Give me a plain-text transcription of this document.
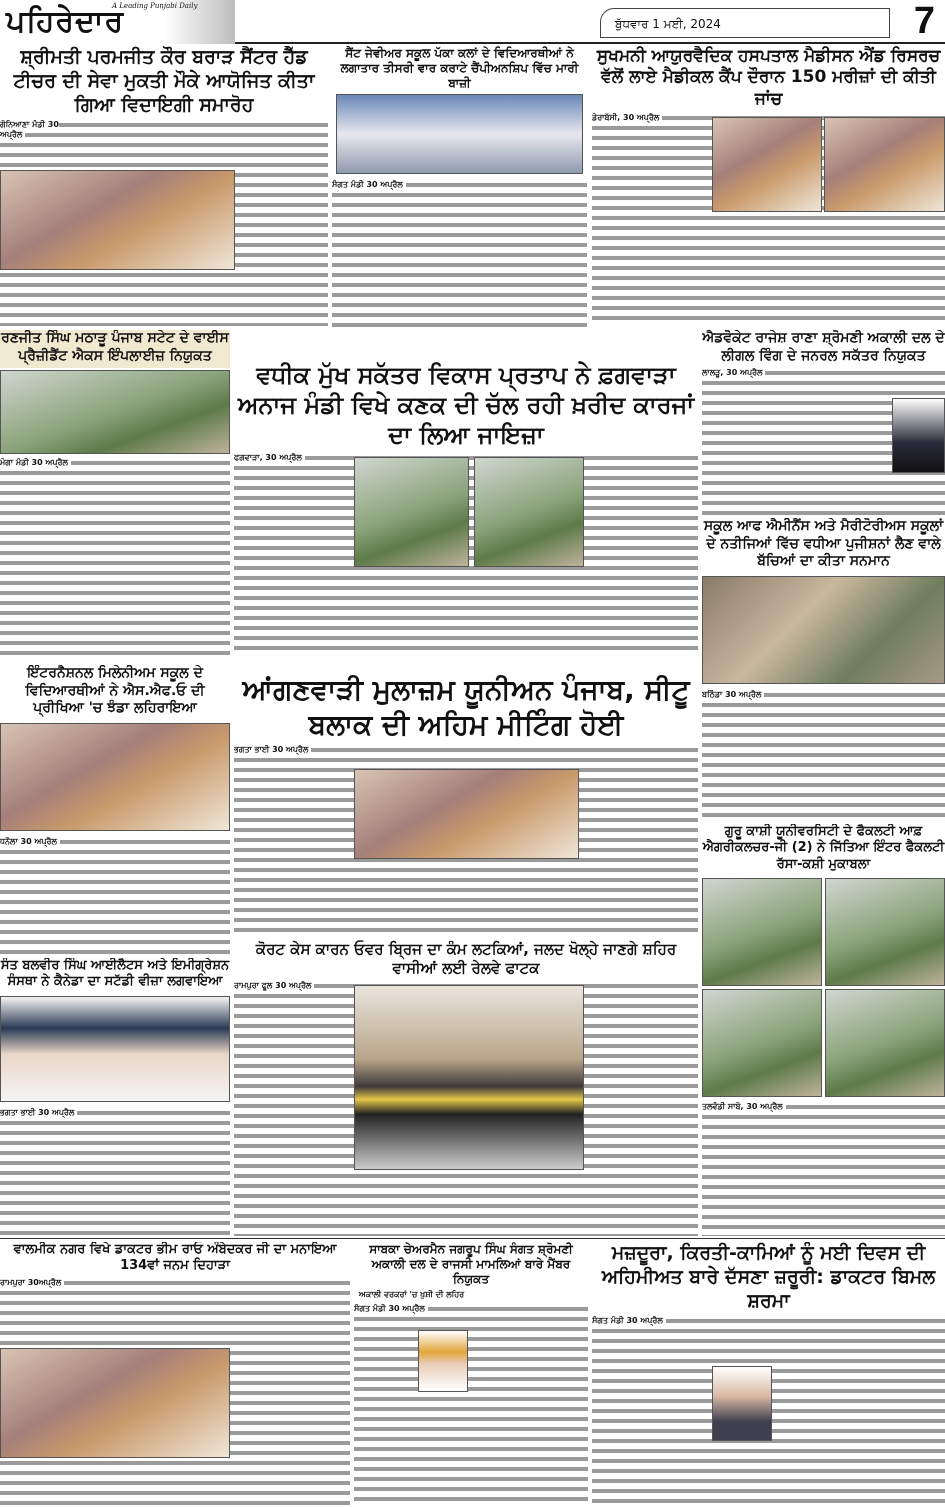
ਪਹਿਰੇਦਾਰ
A Leading Punjabi Daily
ਬੁੱਧਵਾਰ 1 ਮਈ, 2024	7
ਸ਼੍ਰੀਮਤੀ ਪਰਮਜੀਤ ਕੌਰ ਬਰਾੜ ਸੈਂਟਰ ਹੈੱਡ ਟੀਚਰ ਦੀ ਸੇਵਾ ਮੁਕਤੀ ਮੌਕੇ ਆਯੋਜਿਤ ਕੀਤਾ ਗਿਆ ਵਿਦਾਇਗੀ ਸਮਾਰੋਹ
ਗੋਨਿਆਣਾ ਮੰਡੀ 30 ਅਪ੍ਰੈਲ
ਸੈਂਟ ਜੇਵੀਅਰ ਸਕੂਲ ਪੱਕਾ ਕਲਾਂ ਦੇ ਵਿਦਿਆਰਥੀਆਂ ਨੇ ਲਗਾਤਾਰ ਤੀਸਰੀ ਵਾਰ ਕਰਾਟੇ ਚੈਂਪੀਅਨਸ਼ਿਪ ਵਿੱਚ ਮਾਰੀ ਬਾਜ਼ੀ
ਸੰਗਤ ਮੰਡੀ 30 ਅਪ੍ਰੈਲ
ਸੁਖਮਨੀ ਆਯੁਰਵੈਦਿਕ ਹਸਪਤਾਲ ਮੈਡੀਸਨ ਐਂਡ ਰਿਸਰਚ ਵੱਲੋਂ ਲਾਏ ਮੈਡੀਕਲ ਕੈਂਪ ਦੌਰਾਨ 150 ਮਰੀਜ਼ਾਂ ਦੀ ਕੀਤੀ ਜਾਂਚ
ਡੇਰਾਬੱਸੀ, 30 ਅਪ੍ਰੈਲ
ਐਡਵੋਕੇਟ ਰਾਜੇਸ਼ ਰਾਣਾ ਸ਼੍ਰੋਮਣੀ ਅਕਾਲੀ ਦਲ ਦੇ ਲੀਗਲ ਵਿੰਗ ਦੇ ਜਨਰਲ ਸਕੱਤਰ ਨਿਯੁਕਤ
ਲਾਲੜੂ, 30 ਅਪ੍ਰੈਲ
ਰਣਜੀਤ ਸਿੰਘ ਮਠਾੜੂ ਪੰਜਾਬ ਸਟੇਟ ਦੇ ਵਾਈਸ ਪ੍ਰੈਜ਼ੀਡੈਂਟ ਐਕਸ ਇੰਪਲਾਈਜ਼ ਨਿਯੁਕਤ
ਮੋਗਾ ਮੰਡੀ 30 ਅਪ੍ਰੈਲ
ਵਧੀਕ ਮੁੱਖ ਸਕੱਤਰ ਵਿਕਾਸ ਪ੍ਰਤਾਪ ਨੇ ਫ਼ਗਵਾੜਾ ਅਨਾਜ ਮੰਡੀ ਵਿਖੇ ਕਣਕ ਦੀ ਚੱਲ ਰਹੀ ਖ਼ਰੀਦ ਕਾਰਜਾਂ ਦਾ ਲਿਆ ਜਾਇਜ਼ਾ
ਫਗਵਾੜਾ, 30 ਅਪ੍ਰੈਲ
ਇੰਟਰਨੈਸ਼ਨਲ ਮਿਲੇਨੀਅਮ ਸਕੂਲ ਦੇ ਵਿਦਿਆਰਥੀਆਂ ਨੇ ਐਸ.ਐਫ.ਓ ਦੀ ਪ੍ਰੀਖਿਆ 'ਚ ਝੰਡਾ ਲਹਿਰਾਇਆ
ਧਨੌਲਾ 30 ਅਪ੍ਰੈਲ
ਆਂਗਣਵਾੜੀ ਮੁਲਾਜ਼ਮ ਯੂਨੀਅਨ ਪੰਜਾਬ, ਸੀਟੂ ਬਲਾਕ ਦੀ ਅਹਿਮ ਮੀਟਿੰਗ ਹੋਈ
ਭਗਤਾ ਭਾਈ 30 ਅਪ੍ਰੈਲ
ਸਕੂਲ ਆਫ ਐਮੀਨੈਂਸ ਅਤੇ ਮੈਰੀਟੋਰੀਅਸ ਸਕੂਲਾਂ ਦੇ ਨਤੀਜਿਆਂ ਵਿੱਚ ਵਧੀਆ ਪੁਜੀਸ਼ਨਾਂ ਲੈਣ ਵਾਲੇ ਬੱਚਿਆਂ ਦਾ ਕੀਤਾ ਸਨਮਾਨ
ਬਠਿੰਡਾ 30 ਅਪ੍ਰੈਲ
ਗੁਰੂ ਕਾਸ਼ੀ ਯੂਨੀਵਰਸਿਟੀ ਦੇ ਫੈਕਲਟੀ ਆਫ਼ ਐਗਰੀਕਲਚਰ-ਜੀ (2) ਨੇ ਜਿੱਤਿਆ ਇੰਟਰ ਫੈਕਲਟੀ ਰੱਸਾ-ਕਸ਼ੀ ਮੁਕਾਬਲਾ
ਤਲਵੰਡੀ ਸਾਬੋ, 30 ਅਪ੍ਰੈਲ
ਕੋਰਟ ਕੇਸ ਕਾਰਨ ਓਵਰ ਬ੍ਰਿਜ ਦਾ ਕੰਮ ਲਟਕਿਆਂ, ਜਲਦ ਖੋਲ੍ਹੇ ਜਾਣਗੇ ਸ਼ਹਿਰ ਵਾਸੀਆਂ ਲਈ ਰੇਲਵੇ ਫਾਟਕ
ਰਾਮਪੁਰਾ ਫੂਲ 30 ਅਪ੍ਰੈਲ
ਸੰਤ ਬਲਵੀਰ ਸਿੰਘ ਆਈਲੈਟਸ ਅਤੇ ਇਮੀਗ੍ਰੇਸ਼ਨ ਸੰਸਥਾ ਨੇ ਕੈਨੇਡਾ ਦਾ ਸਟੱਡੀ ਵੀਜ਼ਾ ਲਗਵਾਇਆ
ਭਗਤਾ ਭਾਈ 30 ਅਪ੍ਰੈਲ
ਵਾਲਮੀਕ ਨਗਰ ਵਿਖੇ ਡਾਕਟਰ ਭੀਮ ਰਾਓ ਅੰਬੇਦਕਰ ਜੀ ਦਾ ਮਨਾਇਆ 134ਵਾਂ ਜਨਮ ਦਿਹਾੜਾ
ਰਾਮਪੁਰਾ 30ਅਪ੍ਰੈਲ
ਸਾਬਕਾ ਚੇਅਰਮੈਨ ਜਗਰੂਪ ਸਿੰਘ ਸੰਗਤ ਸ਼੍ਰੋਮਣੀ ਅਕਾਲੀ ਦਲ ਦੇ ਰਾਜਸੀ ਮਾਮਲਿਆਂ ਬਾਰੇ ਮੈਂਬਰ ਨਿਯੁਕਤ
ਸੰਗਤ ਮੰਡੀ 30 ਅਪ੍ਰੈਲ
ਅਕਾਲੀ ਵਰਕਰਾਂ 'ਚ ਖੁਸ਼ੀ ਦੀ ਲਹਿਰ
ਮਜ਼ਦੂਰਾ, ਕਿਰਤੀ-ਕਾਮਿਆਂ ਨੂੰ ਮਈ ਦਿਵਸ ਦੀ ਅਹਿਮੀਅਤ ਬਾਰੇ ਦੱਸਣਾ ਜ਼ਰੂਰੀ: ਡਾਕਟਰ ਬਿਮਲ ਸ਼ਰਮਾ
ਸੰਗਤ ਮੰਡੀ 30 ਅਪ੍ਰੈਲ
